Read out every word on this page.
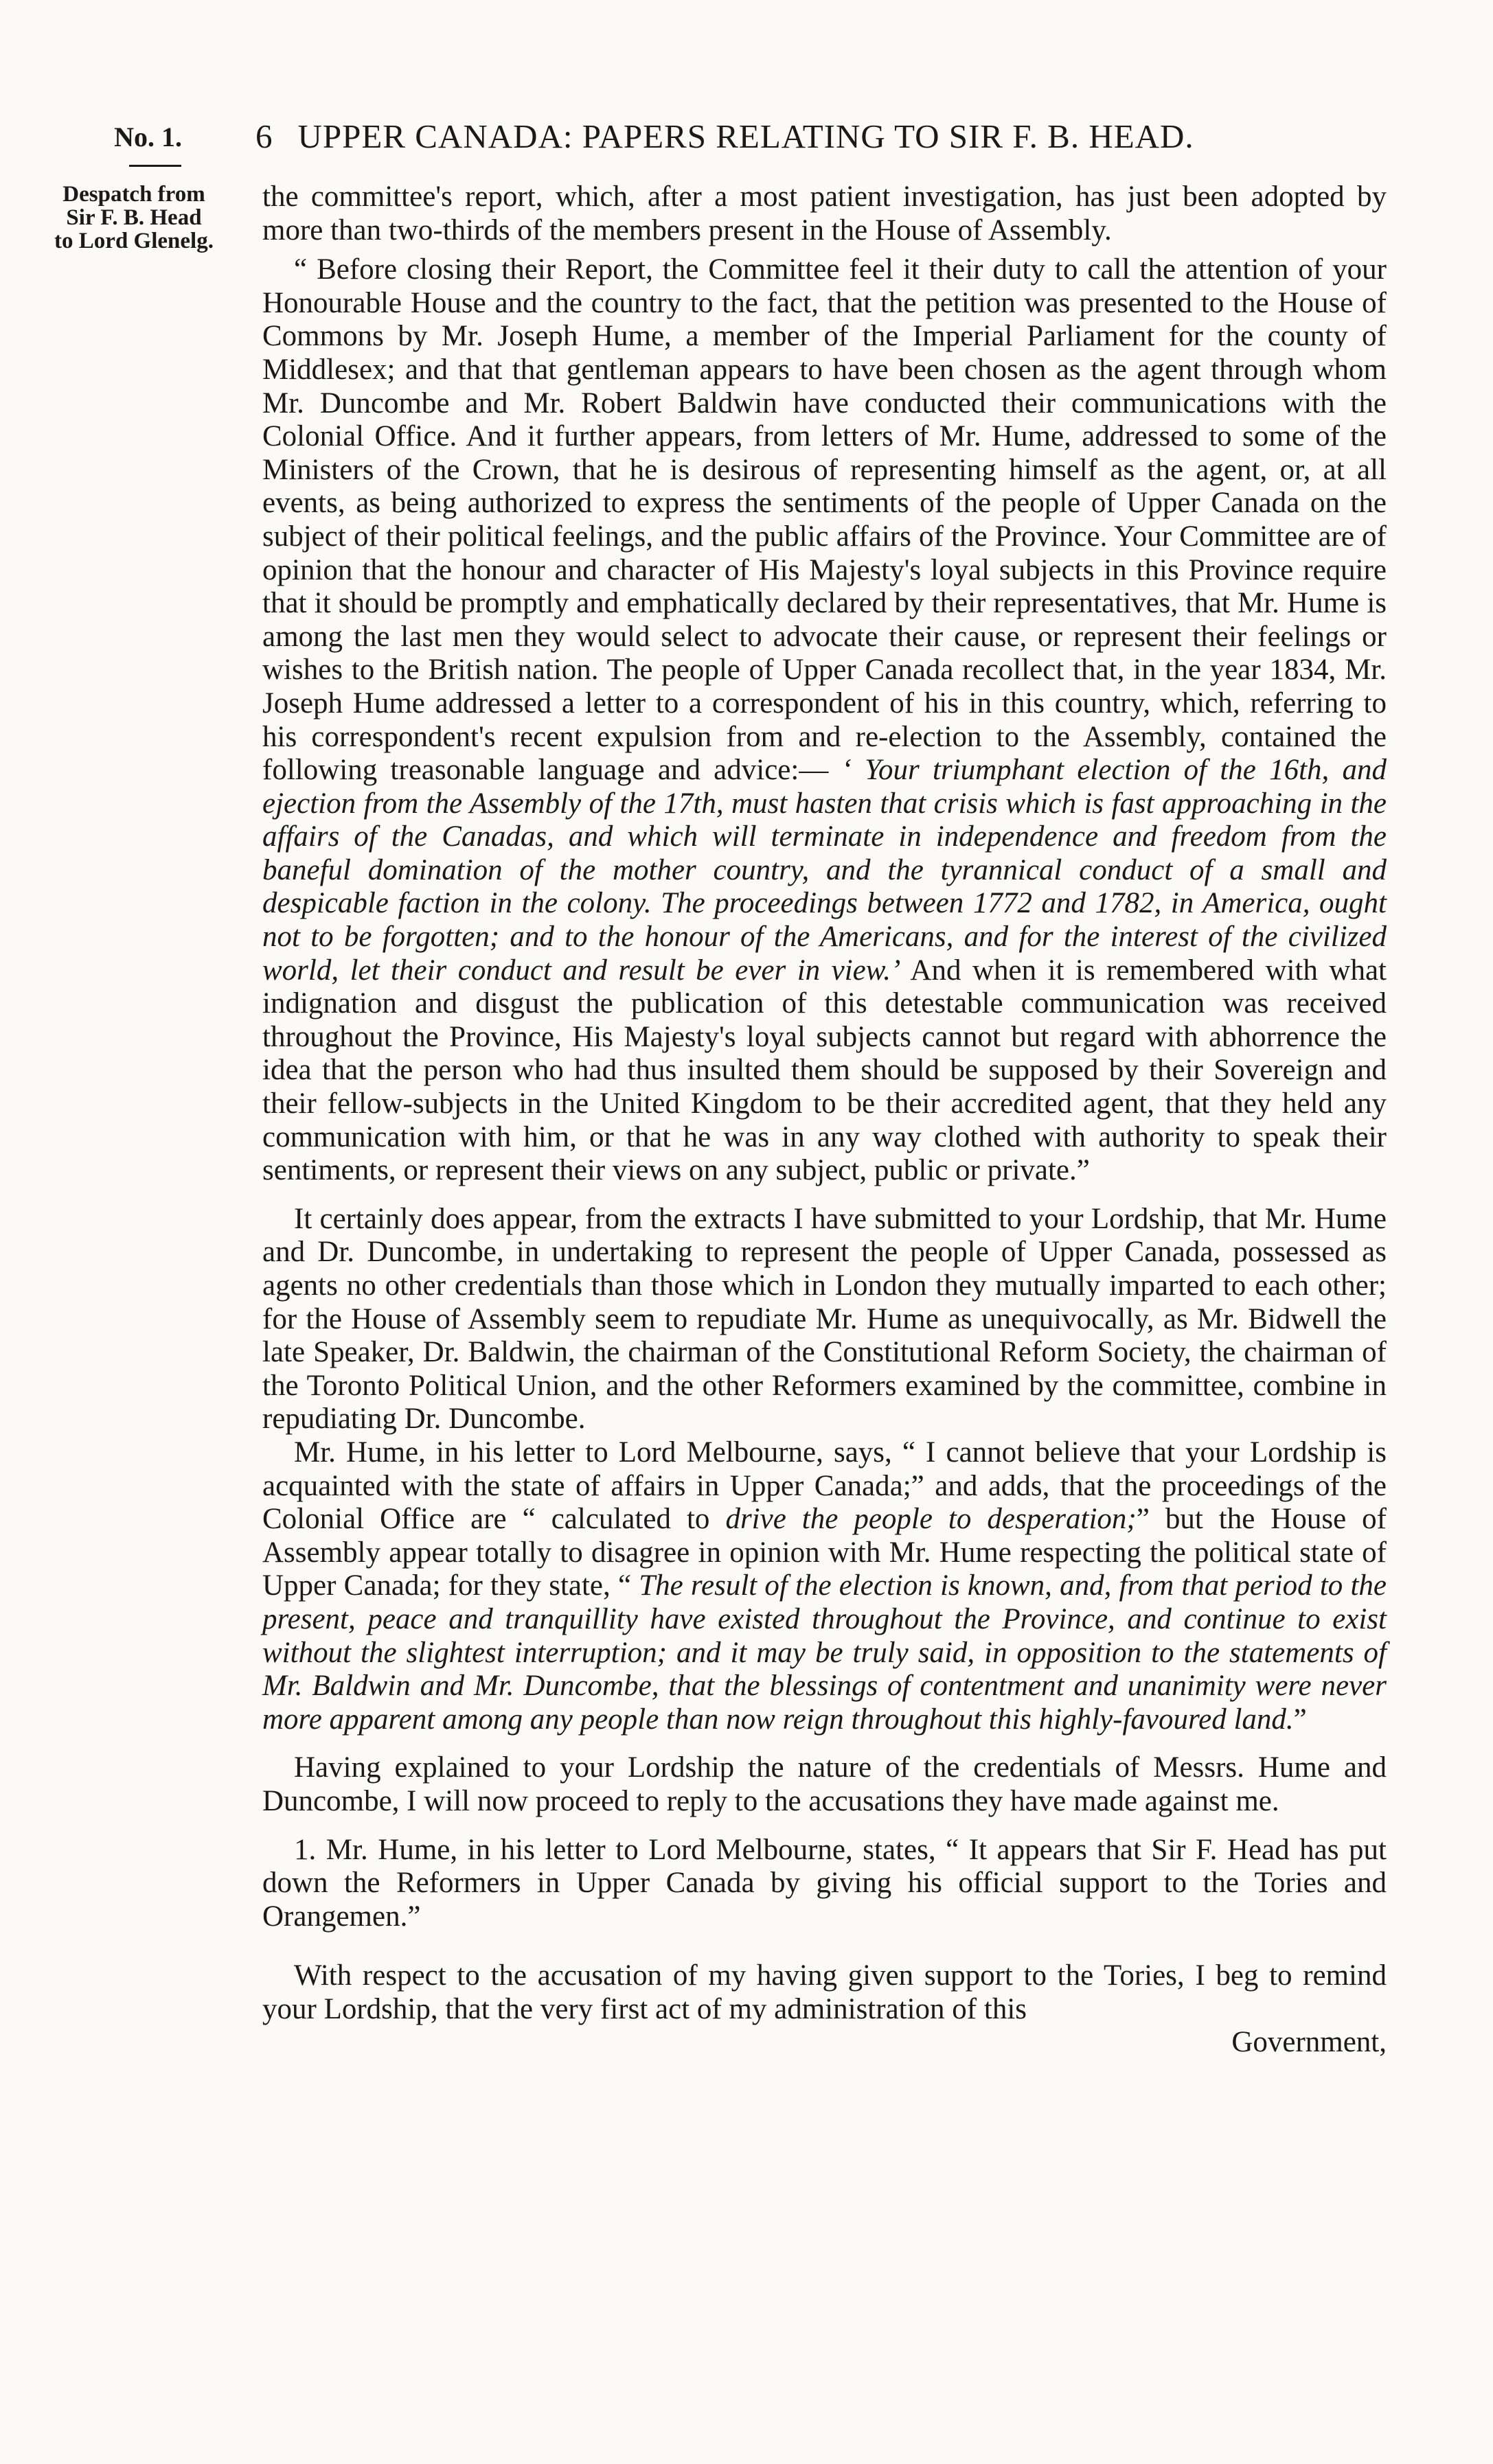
No. 1.
Despatch from
Sir F. B. Head
to Lord Glenelg.
6 UPPER CANADA: PAPERS RELATING TO SIR F. B. HEAD.

the committee's report, which, after a most patient investigation, has just been adopted by more than two-thirds of the members present in the House of Assembly.

“ Before closing their Report, the Committee feel it their duty to call the attention of your Honourable House and the country to the fact, that the petition was presented to the House of Commons by Mr. Joseph Hume, a member of the Imperial Parliament for the county of Middlesex; and that that gentleman appears to have been chosen as the agent through whom Mr. Duncombe and Mr. Robert Baldwin have conducted their communications with the Colonial Office. And it further appears, from letters of Mr. Hume, addressed to some of the Ministers of the Crown, that he is desirous of representing himself as the agent, or, at all events, as being authorized to express the sentiments of the people of Upper Canada on the subject of their political feelings, and the public affairs of the Province. Your Committee are of opinion that the honour and character of His Majesty's loyal subjects in this Province require that it should be promptly and emphatically declared by their representatives, that Mr. Hume is among the last men they would select to advocate their cause, or represent their feelings or wishes to the British nation. The people of Upper Canada recollect that, in the year 1834, Mr. Joseph Hume addressed a letter to a correspondent of his in this country, which, referring to his correspondent's recent expulsion from and re-election to the Assembly, contained the following treasonable language and advice:— ‘ Your triumphant election of the 16th, and ejection from the Assembly of the 17th, must hasten that crisis which is fast approaching in the affairs of the Canadas, and which will terminate in independence and freedom from the baneful domination of the mother country, and the tyrannical conduct of a small and despicable faction in the colony. The proceedings between 1772 and 1782, in America, ought not to be forgotten; and to the honour of the Americans, and for the interest of the civilized world, let their conduct and result be ever in view.’ And when it is remembered with what indignation and disgust the publication of this detestable communication was received throughout the Province, His Majesty's loyal subjects cannot but regard with abhorrence the idea that the person who had thus insulted them should be supposed by their Sovereign and their fellow-subjects in the United Kingdom to be their accredited agent, that they held any communication with him, or that he was in any way clothed with authority to speak their sentiments, or represent their views on any subject, public or private.”

It certainly does appear, from the extracts I have submitted to your Lordship, that Mr. Hume and Dr. Duncombe, in undertaking to represent the people of Upper Canada, possessed as agents no other credentials than those which in London they mutually imparted to each other; for the House of Assembly seem to repudiate Mr. Hume as unequivocally, as Mr. Bidwell the late Speaker, Dr. Baldwin, the chairman of the Constitutional Reform Society, the chairman of the Toronto Political Union, and the other Reformers examined by the committee, combine in repudiating Dr. Duncombe.

Mr. Hume, in his letter to Lord Melbourne, says, “ I cannot believe that your Lordship is acquainted with the state of affairs in Upper Canada;” and adds, that the proceedings of the Colonial Office are “ calculated to drive the people to desperation;” but the House of Assembly appear totally to disagree in opinion with Mr. Hume respecting the political state of Upper Canada; for they state, “ The result of the election is known, and, from that period to the present, peace and tranquillity have existed throughout the Province, and continue to exist without the slightest interruption; and it may be truly said, in opposition to the statements of Mr. Baldwin and Mr. Duncombe, that the blessings of contentment and unanimity were never more apparent among any people than now reign throughout this highly-favoured land.”

Having explained to your Lordship the nature of the credentials of Messrs. Hume and Duncombe, I will now proceed to reply to the accusations they have made against me.

1. Mr. Hume, in his letter to Lord Melbourne, states, “ It appears that Sir F. Head has put down the Reformers in Upper Canada by giving his official support to the Tories and Orangemen.”

With respect to the accusation of my having given support to the Tories, I beg to remind your Lordship, that the very first act of my administration of this

Government,
